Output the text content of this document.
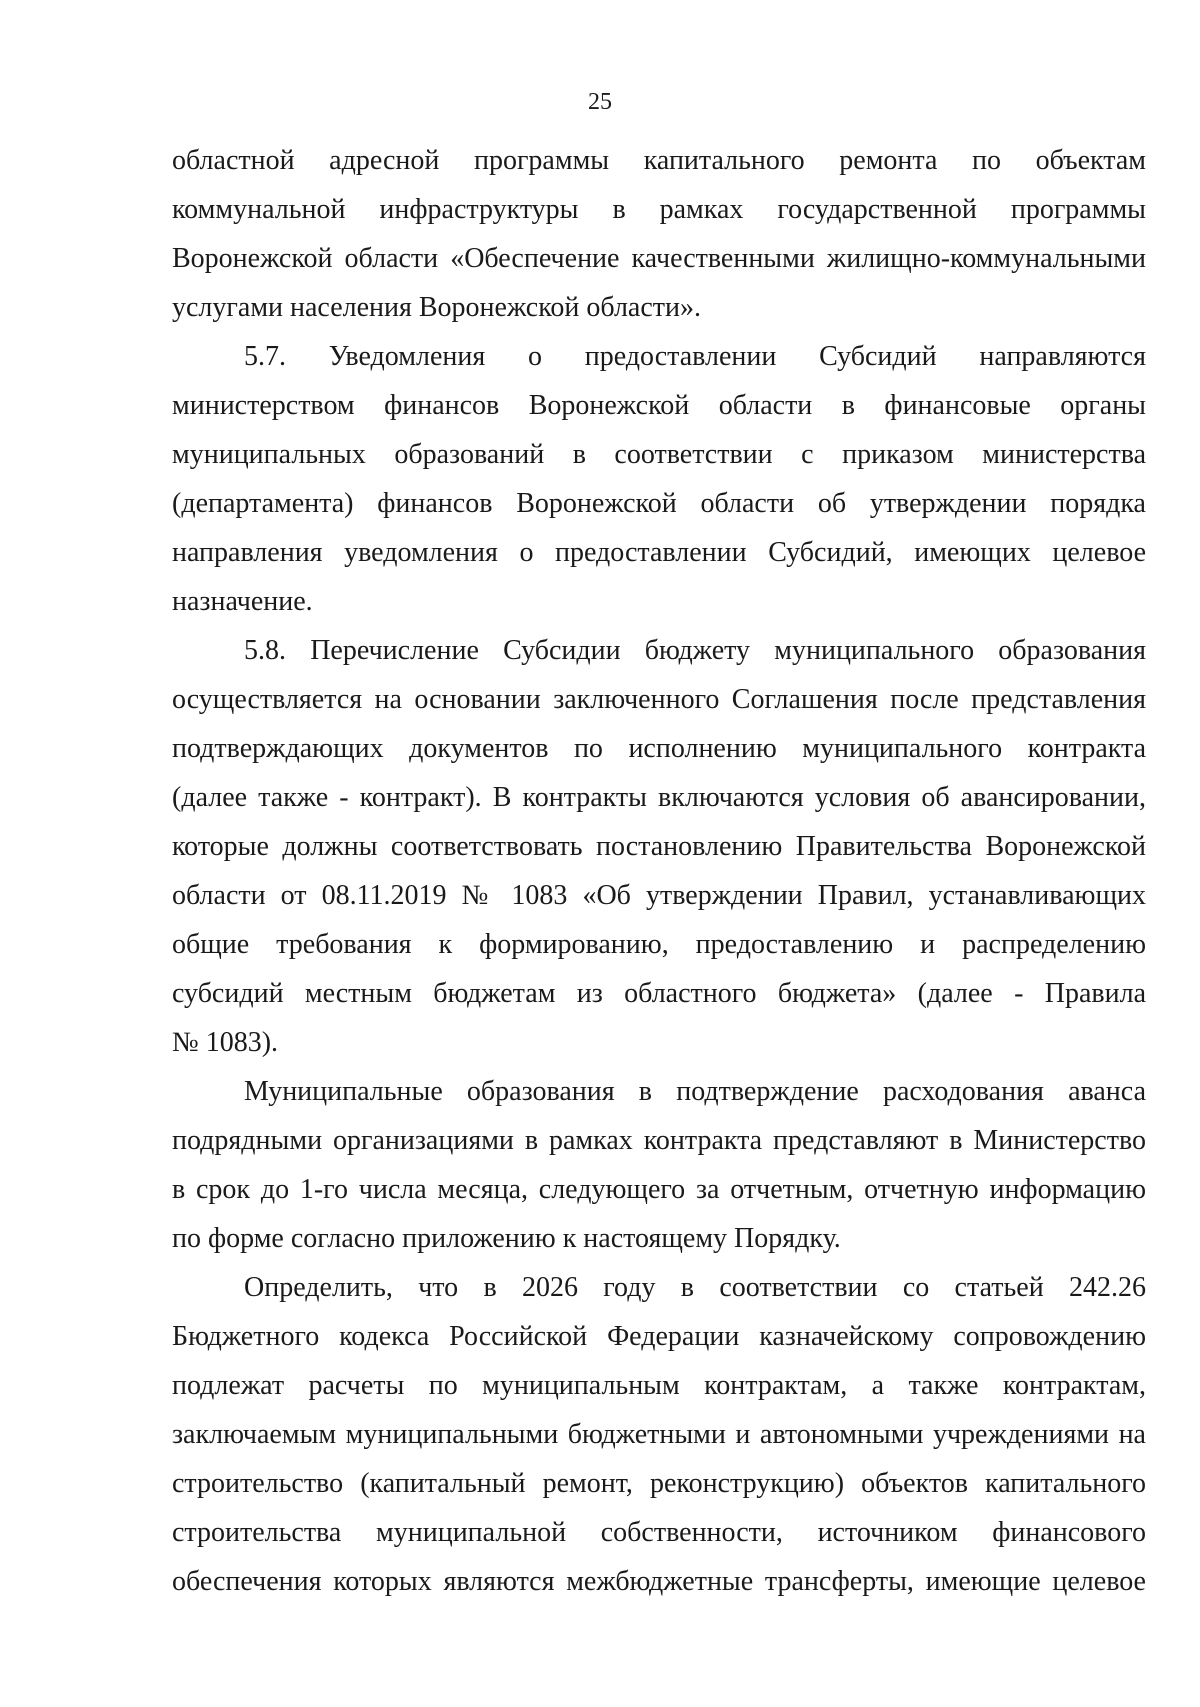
25
областной адресной программы капитального ремонта по объектам
коммунальной инфраструктуры в рамках государственной программы
Воронежской области «Обеспечение качественными жилищно-коммунальными
услугами населения Воронежской области».
5.7. Уведомления о предоставлении Субсидий направляются
министерством финансов Воронежской области в финансовые органы
муниципальных образований в соответствии с приказом министерства
(департамента) финансов Воронежской области об утверждении порядка
направления уведомления о предоставлении Субсидий, имеющих целевое
назначение.
5.8. Перечисление Субсидии бюджету муниципального образования
осуществляется на основании заключенного Соглашения после представления
подтверждающих документов по исполнению муниципального контракта
(далее также - контракт). В контракты включаются условия об авансировании,
которые должны соответствовать постановлению Правительства Воронежской
области от 08.11.2019 № 1083 «Об утверждении Правил, устанавливающих
общие требования к формированию, предоставлению и распределению
субсидий местным бюджетам из областного бюджета» (далее - Правила
№ 1083).
Муниципальные образования в подтверждение расходования аванса
подрядными организациями в рамках контракта представляют в Министерство
в срок до 1-го числа месяца, следующего за отчетным, отчетную информацию
по форме согласно приложению к настоящему Порядку.
Определить, что в 2026 году в соответствии со статьей 242.26
Бюджетного кодекса Российской Федерации казначейскому сопровождению
подлежат расчеты по муниципальным контрактам, а также контрактам,
заключаемым муниципальными бюджетными и автономными учреждениями на
строительство (капитальный ремонт, реконструкцию) объектов капитального
строительства муниципальной собственности, источником финансового
обеспечения которых являются межбюджетные трансферты, имеющие целевое
